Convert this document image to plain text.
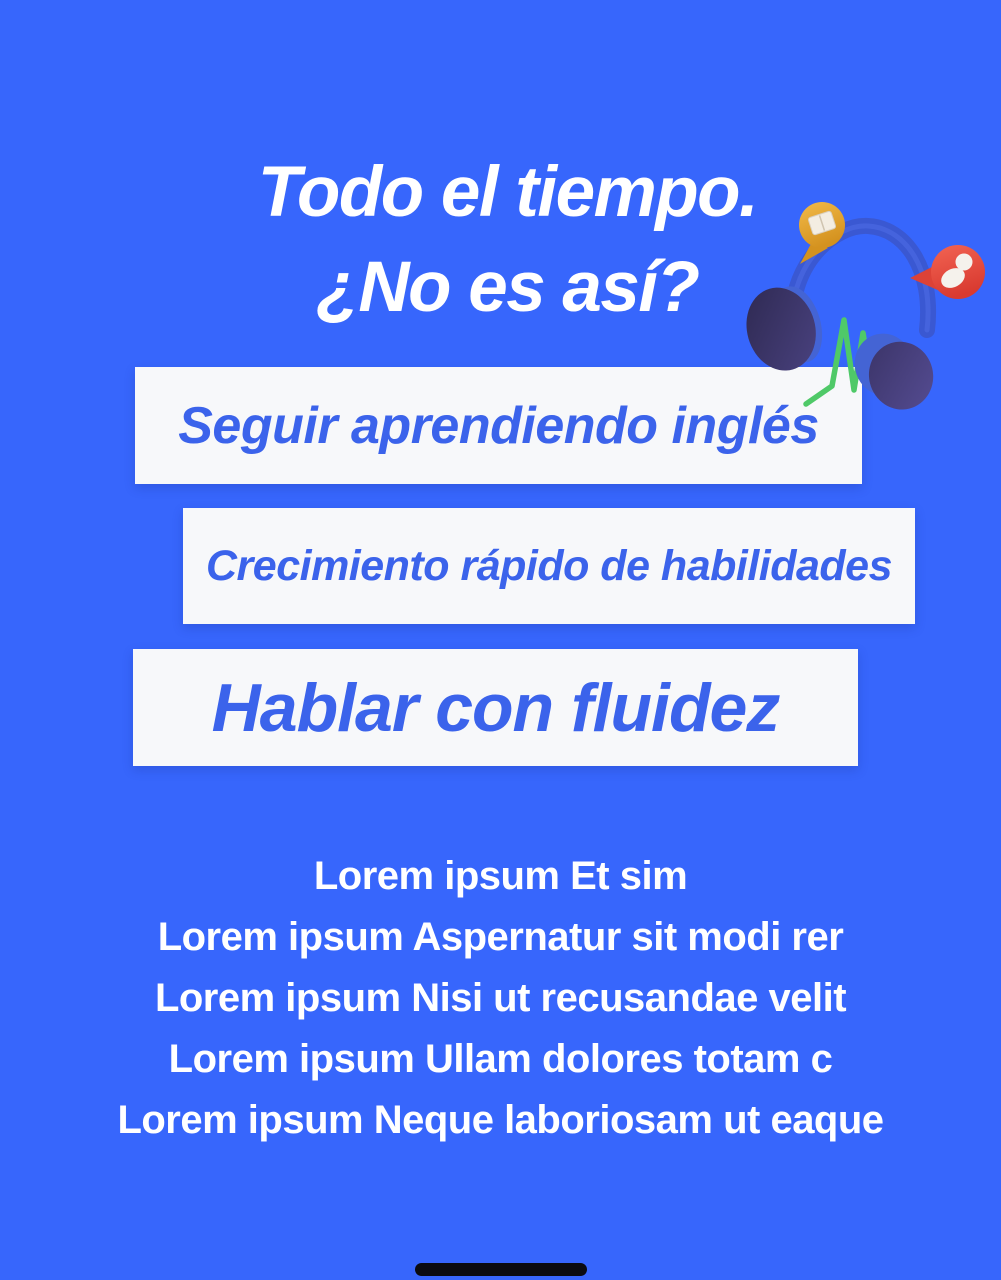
Todo el tiempo.
¿No es así?
Seguir aprendiendo inglés
Crecimiento rápido de habilidades
Hablar con fluidez
Lorem ipsum Et sim
Lorem ipsum Aspernatur sit modi rer
Lorem ipsum Nisi ut recusandae velit
Lorem ipsum Ullam dolores totam c
Lorem ipsum Neque laboriosam ut eaque
